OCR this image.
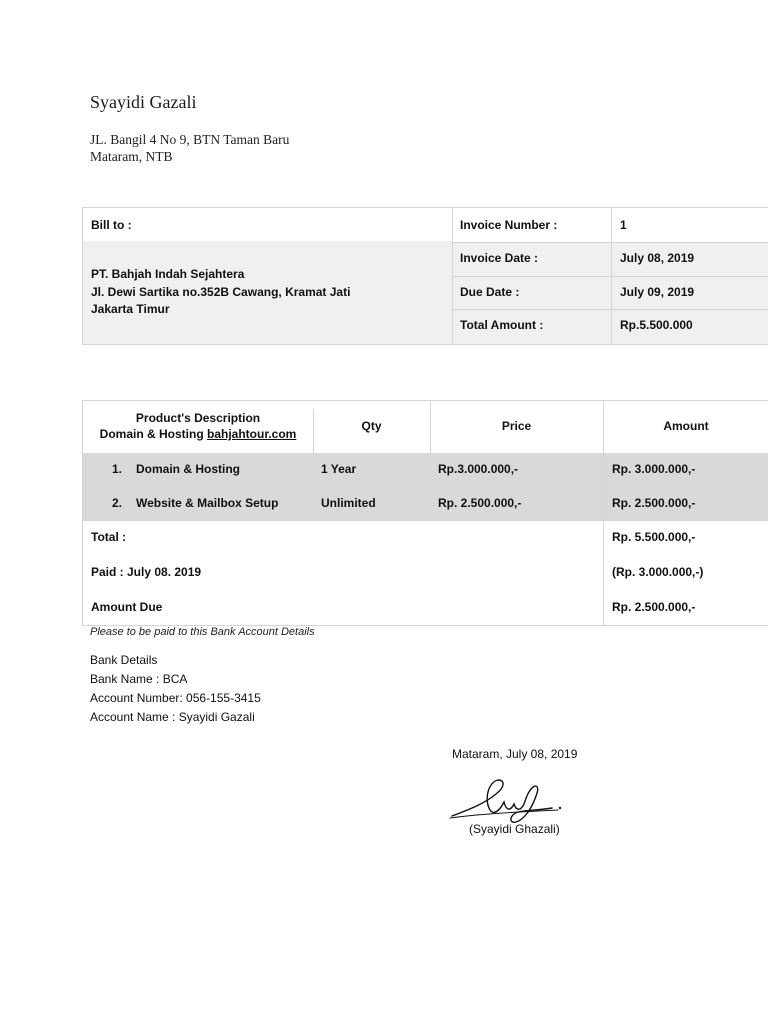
Syayidi Gazali
JL. Bangil 4 No 9, BTN Taman Baru
Mataram, NTB
Bill to :
PT. Bahjah Indah Sejahtera
Jl. Dewi Sartika no.352B Cawang, Kramat Jati
Jakarta Timur
Invoice Number :	1
Invoice Date :	July 08, 2019
Due Date :	July 09, 2019
Total Amount :	Rp.5.500.000
Product's Description
Domain & Hosting bahjahtour.com
Qty	Price	Amount
1. Domain & Hosting	1 Year	Rp.3.000.000,-	Rp. 3.000.000,-
2. Website & Mailbox Setup	Unlimited	Rp. 2.500.000,-	Rp. 2.500.000,-
Total :	Rp. 5.500.000,-
Paid : July 08. 2019	(Rp. 3.000.000,-)
Amount Due	Rp. 2.500.000,-
Please to be paid to this Bank Account Details
Bank Details
Bank Name : BCA
Account Number: 056-155-3415
Account Name : Syayidi Gazali
Mataram, July 08, 2019
(Syayidi Ghazali)
